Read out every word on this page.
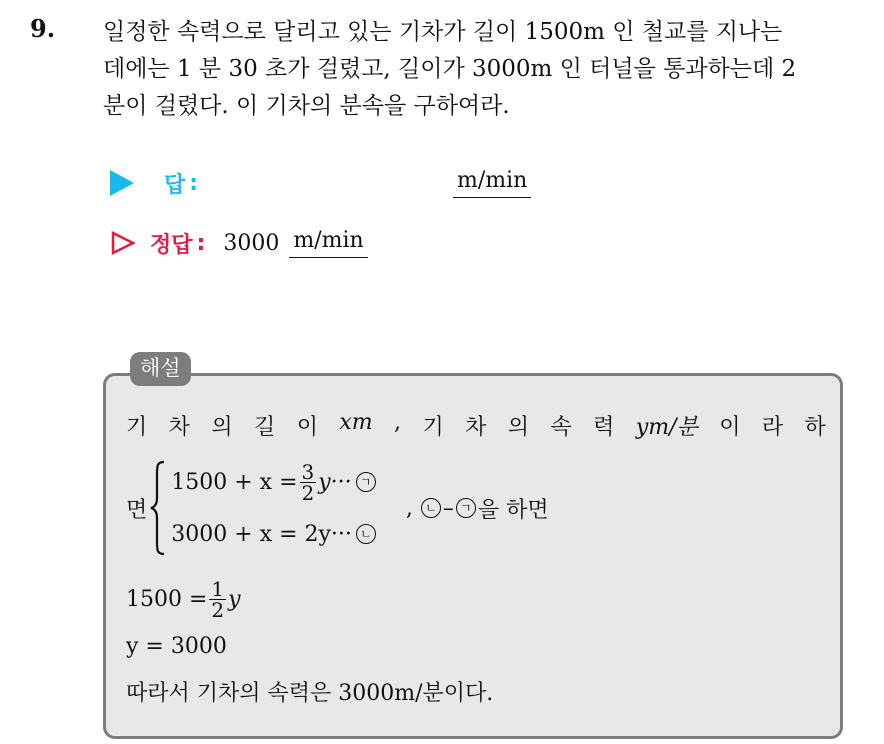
9. 일정한 속력으로 달리고 있는 기차가 길이 1500m 인 철교를 지나는
데에는 1 분 30 초가 걸렸고, 길이가 3000m 인 터널을 통과하는데 2
분이 걸렸다. 이 기차의 분속을 구하여라.
답 :	m/min
정답 : 3000 m/min
해설
기 차 의 길 이 xm , 기 차 의 속 력 ym/분 이 라 하
면
$1500 + x = \frac{3}{2} y\cdot\cdot\cdot$ ㄱ
3000 + x = 2y··· ㄴ
,	ㄴ – ㄱ 을 하면
$1500 = \frac{1}{2}$ y
y = 3000
따라서 기차의 속력은 3000m/분이다.
